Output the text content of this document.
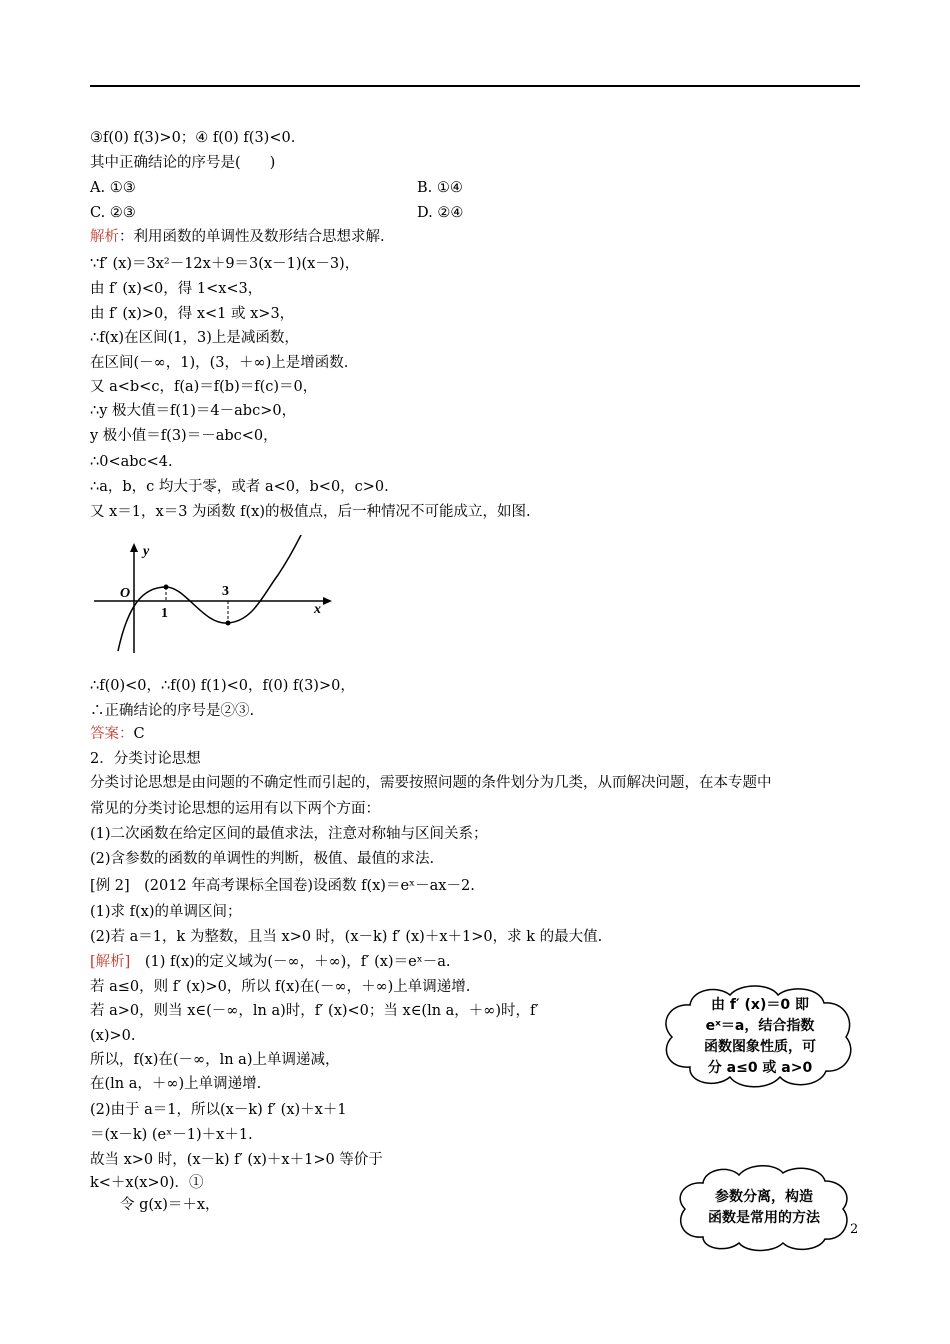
③f(0) f(3)>0；④ f(0) f(3)<0.
其中正确结论的序号是(　　)
A. ①③	B. ①④
C. ②③	D. ②④
解析：利用函数的单调性及数形结合思想求解.
∵f′ (x)＝3x²－12x＋9＝3(x－1)(x－3)，
由 f′ (x)<0，得 1<x<3，
由 f′ (x)>0，得 x<1 或 x>3，
∴f(x)在区间(1，3)上是减函数，
在区间(－∞，1)，(3，＋∞)上是增函数.
又 a<b<c，f(a)＝f(b)＝f(c)＝0，
∴y 极大值＝f(1)＝4－abc>0，
y 极小值＝f(3)＝－abc<0，
∴0<abc<4.
∴a，b，c 均大于零，或者 a<0，b<0，c>0.
又 x＝1，x＝3 为函数 f(x)的极值点，后一种情况不可能成立，如图.
y
x
O
1
3
∴f(0)<0，∴f(0) f(1)<0，f(0) f(3)>0，
∴正确结论的序号是②③.
答案：C
2．分类讨论思想
分类讨论思想是由问题的不确定性而引起的，需要按照问题的条件划分为几类，从而解决问题，在本专题中
常见的分类讨论思想的运用有以下两个方面：
(1)二次函数在给定区间的最值求法，注意对称轴与区间关系；
(2)含参数的函数的单调性的判断，极值、最值的求法.
[例 2]　(2012 年高考课标全国卷)设函数 f(x)＝eˣ－ax－2.
(1)求 f(x)的单调区间；
(2)若 a＝1，k 为整数，且当 x>0 时，(x－k) f′ (x)＋x＋1>0，求 k 的最大值.
[解析]　(1) f(x)的定义域为(－∞，＋∞)，f′ (x)＝eˣ－a.
若 a≤0，则 f′ (x)>0，所以 f(x)在(－∞，＋∞)上单调递增.
若 a>0，则当 x∈(－∞，ln a)时，f′ (x)<0；当 x∈(ln a，＋∞)时，f′
(x)>0.
所以，f(x)在(－∞，ln a)上单调递减，
在(ln a，＋∞)上单调递增.
(2)由于 a＝1，所以(x－k) f′ (x)＋x＋1
＝(x－k) (eˣ－1)＋x＋1.
故当 x>0 时，(x－k) f′ (x)＋x＋1>0 等价于
k<＋x(x>0)．①
令 g(x)＝＋x，
由 f′ (x)＝0 即
eˣ＝a，结合指数
函数图象性质，可
分 a≤0 或 a>0
参数分离，构造
函数是常用的方法
2
